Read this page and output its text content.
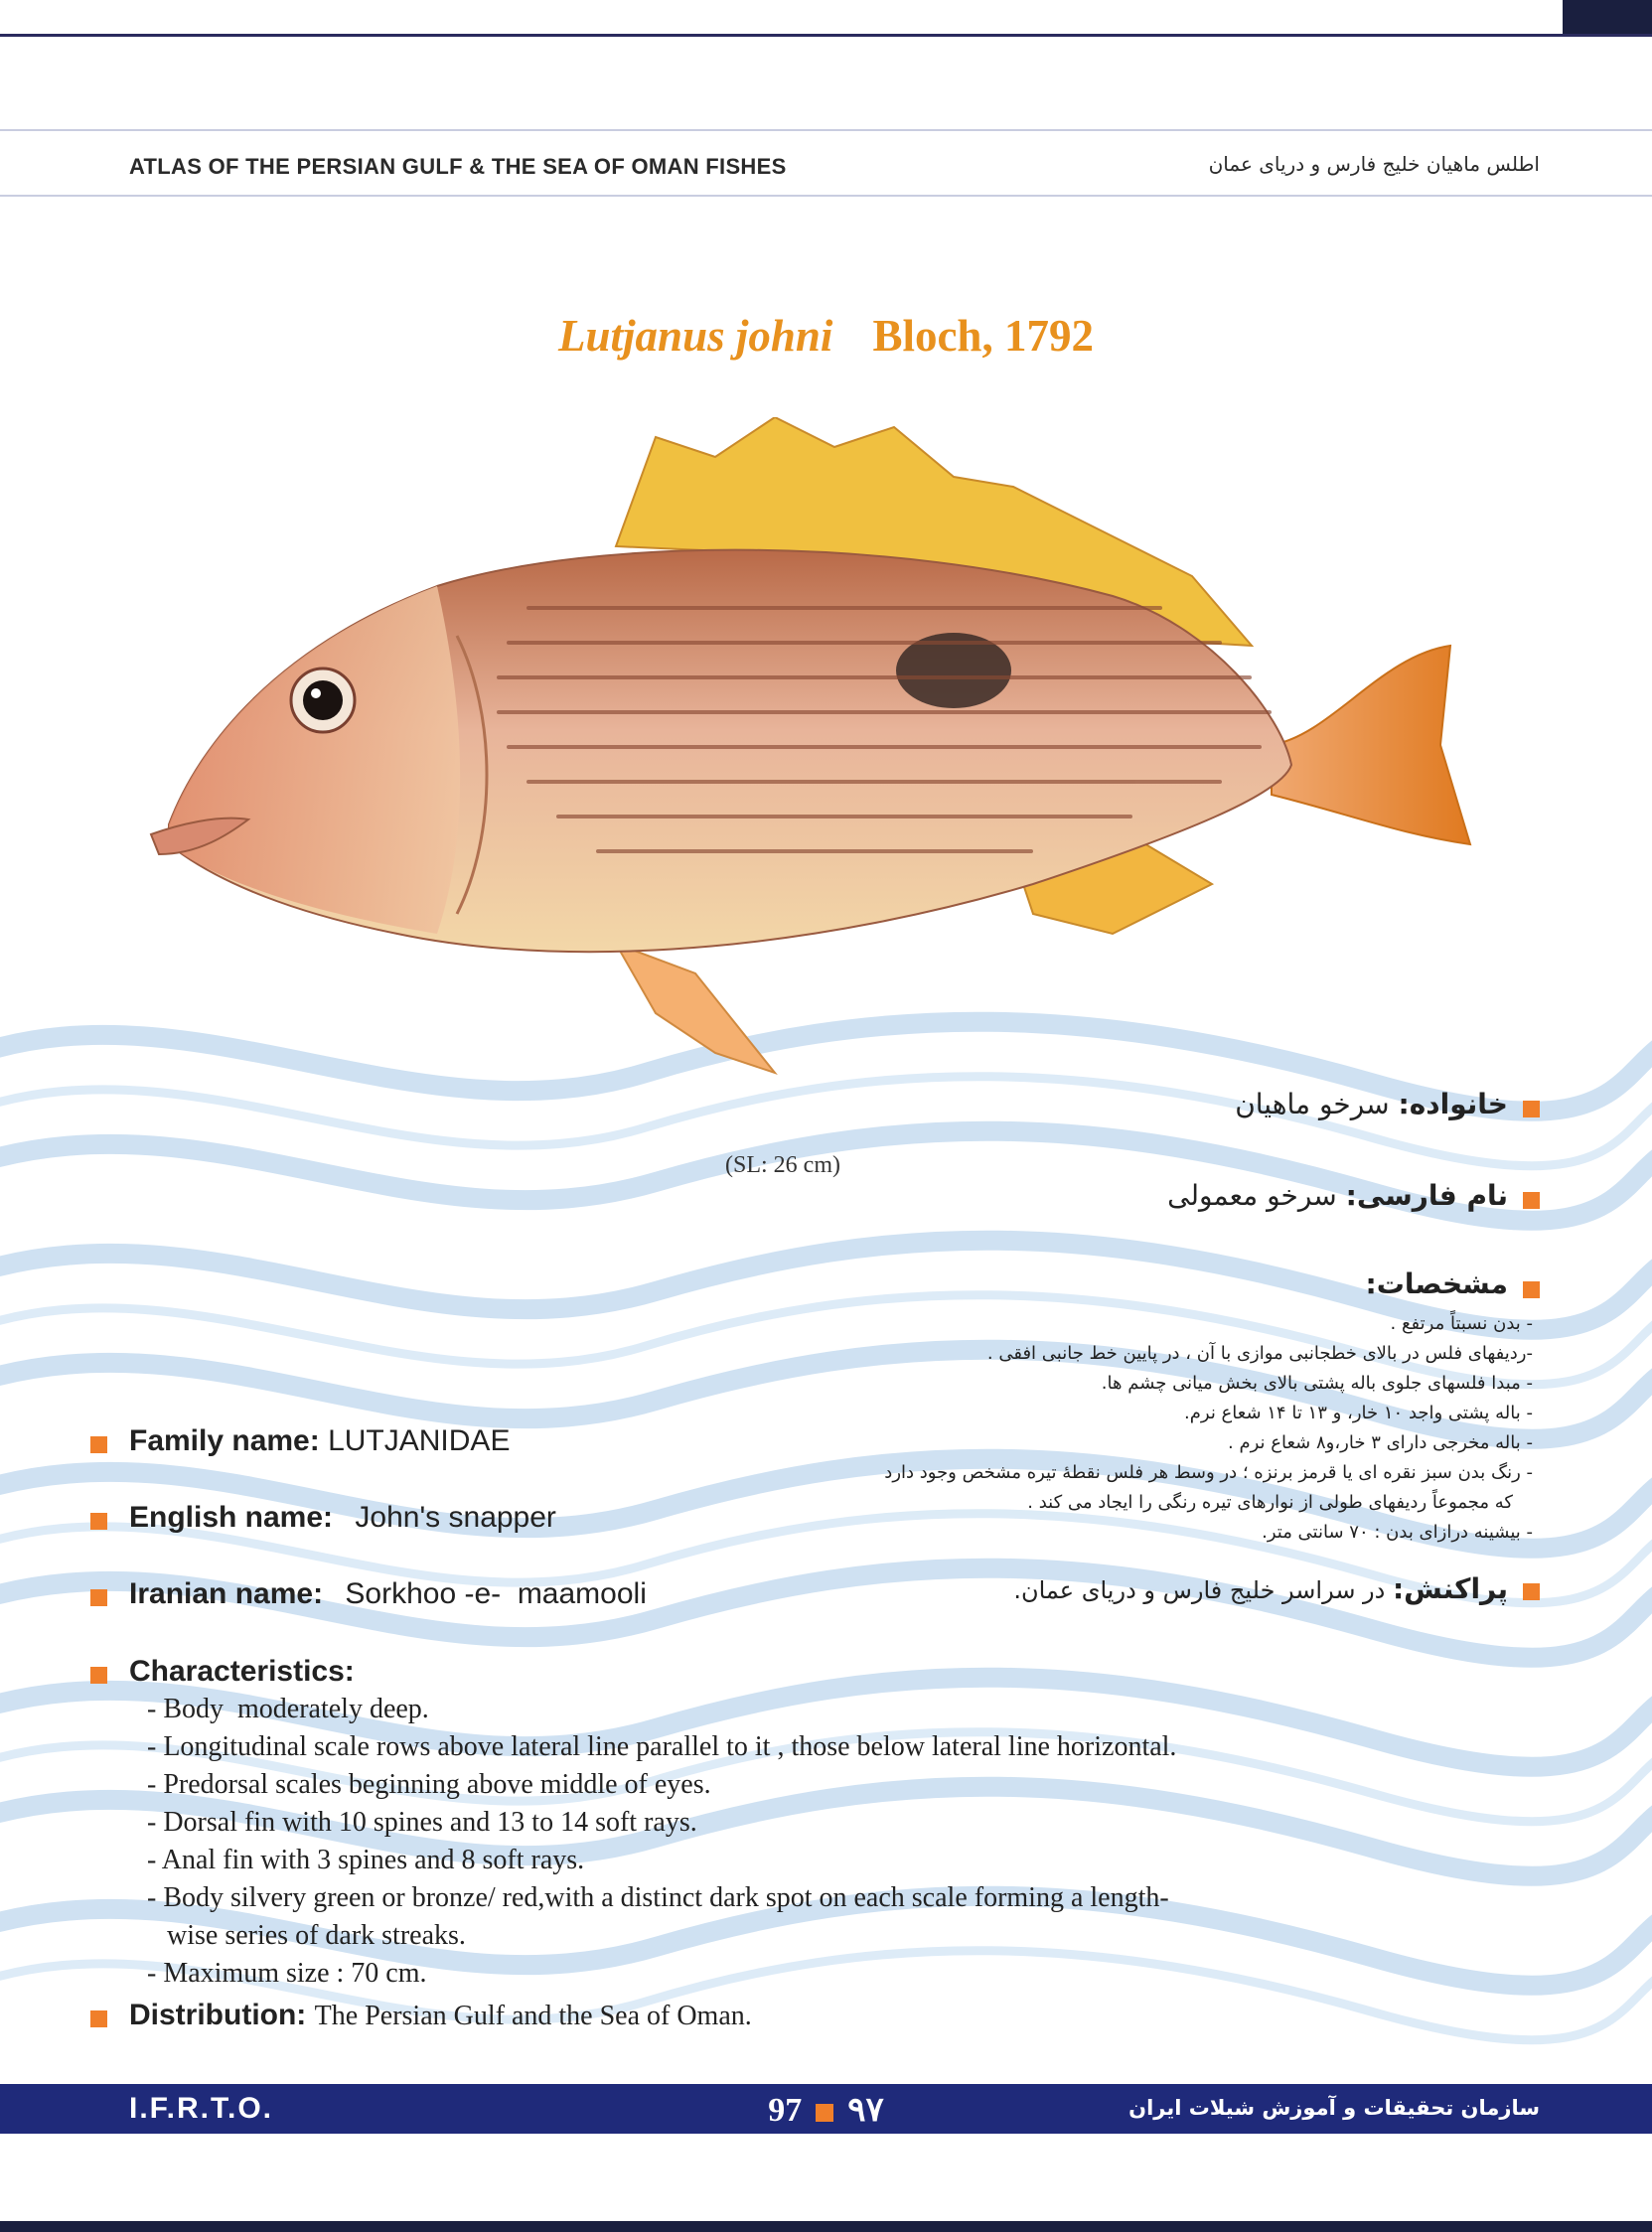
ATLAS OF THE PERSIAN GULF & THE SEA OF OMAN FISHES	اطلس ماهیان خلیج فارس و دریای عمان
Lutjanus johni Bloch, 1792
(SL: 26 cm)
خانواده: سرخو ماهیان
نام فارسی: سرخو معمولی
مشخصات:
- بدن نسبتاً مرتفع .
-ردیفهای فلس در بالای خطجانبی موازی با آن ، در پایین خط جانبی افقی .
- مبدا فلسهای جلوی باله پشتی بالای بخش میانی چشم ها.
- باله پشتی واجد ۱۰ خار، و ۱۳ تا ۱۴ شعاع نرم.
- باله مخرجی دارای ۳ خار،و۸ شعاع نرم .
- رنگ بدن سبز نقره ای یا قرمز برنزه ؛ در وسط هر فلس نقطهٔ تیره مشخص وجود دارد
که مجموعاً ردیفهای طولی از نوارهای تیره رنگی را ایجاد می کند .
- بیشینه درازای بدن : ۷۰ سانتی متر.
پراکنش: در سراسر خلیج فارس و دریای عمان.
Family name: LUTJANIDAE
English name: John's snapper
Iranian name: Sorkhoo -e-  maamooli
Characteristics:
- Body  moderately deep.
- Longitudinal scale rows above lateral line parallel to it , those below lateral line horizontal.
- Predorsal scales beginning above middle of eyes.
- Dorsal fin with 10 spines and 13 to 14 soft rays.
- Anal fin with 3 spines and 8 soft rays.
- Body silvery green or bronze/ red,with a distinct dark spot on each scale forming a length-
wise series of dark streaks.
- Maximum size : 70 cm.
Distribution: The Persian Gulf and the Sea of Oman.
I.F.R.T.O.	97 ۹۷	سازمان تحقیقات و آموزش شیلات ایران
